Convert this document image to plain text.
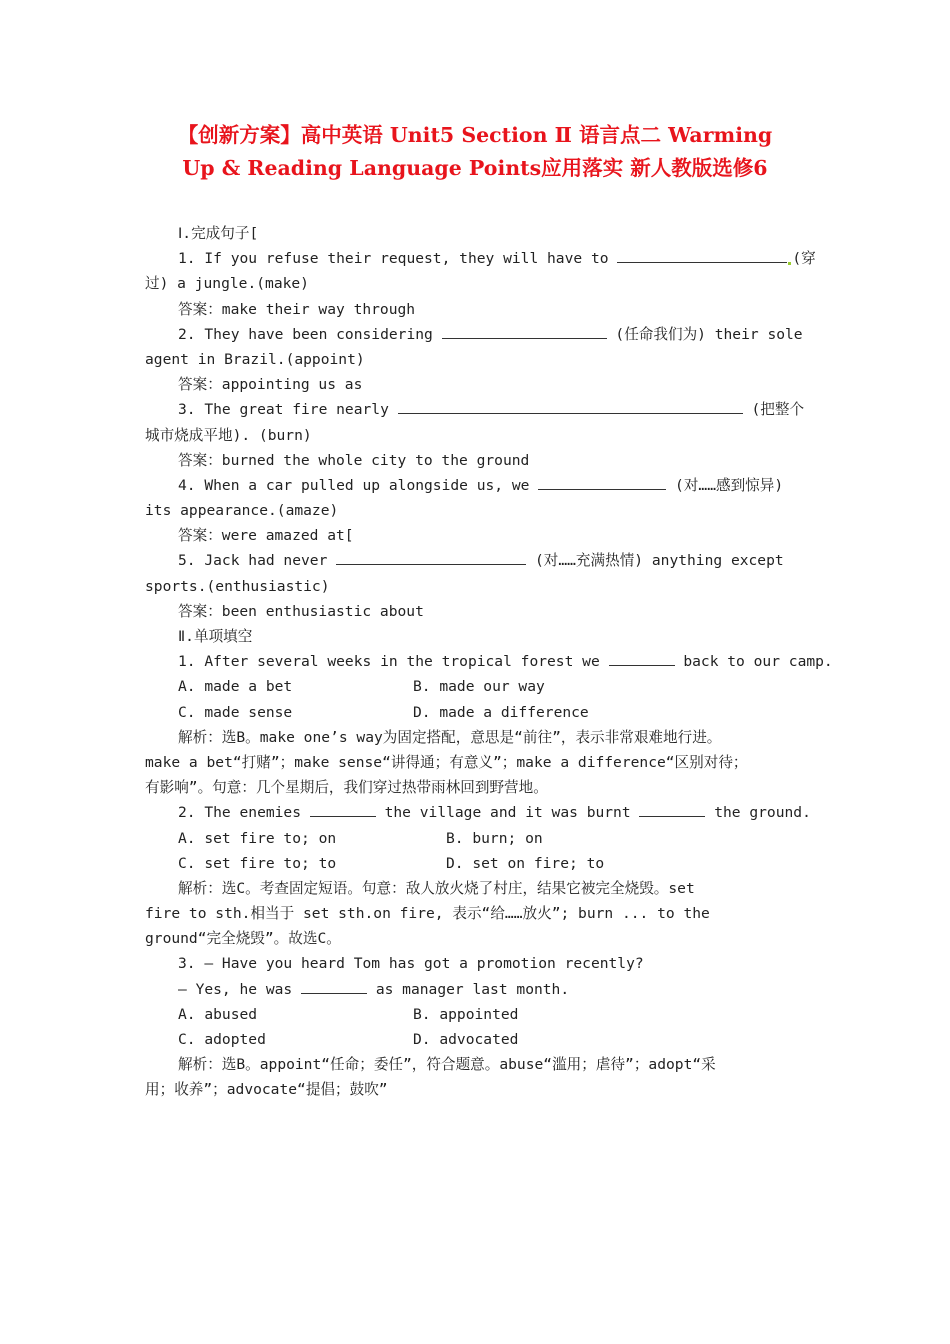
【创新方案】高中英语 Unit5 Section Ⅱ 语言点二 Warming
Up & Reading Language Points应用落实 新人教版选修6
Ⅰ.完成句子[
1. If you refuse their request, they will have to	(穿
过) a jungle.(make)
答案：make their way through
2. They have been considering	(任命我们为) their sole
agent in Brazil.(appoint)
答案：appointing us as
3. The great fire nearly	(把整个
城市烧成平地). (burn)
答案：burned the whole city to the ground
4. When a car pulled up alongside us, we	(对……感到惊异)
its appearance.(amaze)
答案：were amazed at[
5. Jack had never	(对……充满热情) anything except
sports.(enthusiastic)
答案：been enthusiastic about
Ⅱ.单项填空
1. After several weeks in the tropical forest we	back to our camp.
A. made a bet	B. made our way
C. made sense	D. made a difference
解析：选B。make one’s way为固定搭配，意思是“前往”，表示非常艰难地行进。
make a bet“打赌”；make sense“讲得通；有意义”；make a difference“区别对待；
有影响”。句意：几个星期后，我们穿过热带雨林回到野营地。
2. The enemies	the village and it was burnt	the ground.
A. set fire to; on	B. burn; on
C. set fire to; to	D. set on fire; to
解析：选C。考查固定短语。句意：敌人放火烧了村庄，结果它被完全烧毁。set
fire to sth.相当于 set sth.on fire, 表示“给……放火”; burn ... to the
ground“完全烧毁”。故选C。
3. — Have you heard Tom has got a promotion recently?
— Yes, he was	as manager last month.
A. abused	B. appointed
C. adopted	D. advocated
解析：选B。appoint“任命；委任”，符合题意。abuse“滥用；虐待”；adopt“采
用；收养”；advocate“提倡；鼓吹”
